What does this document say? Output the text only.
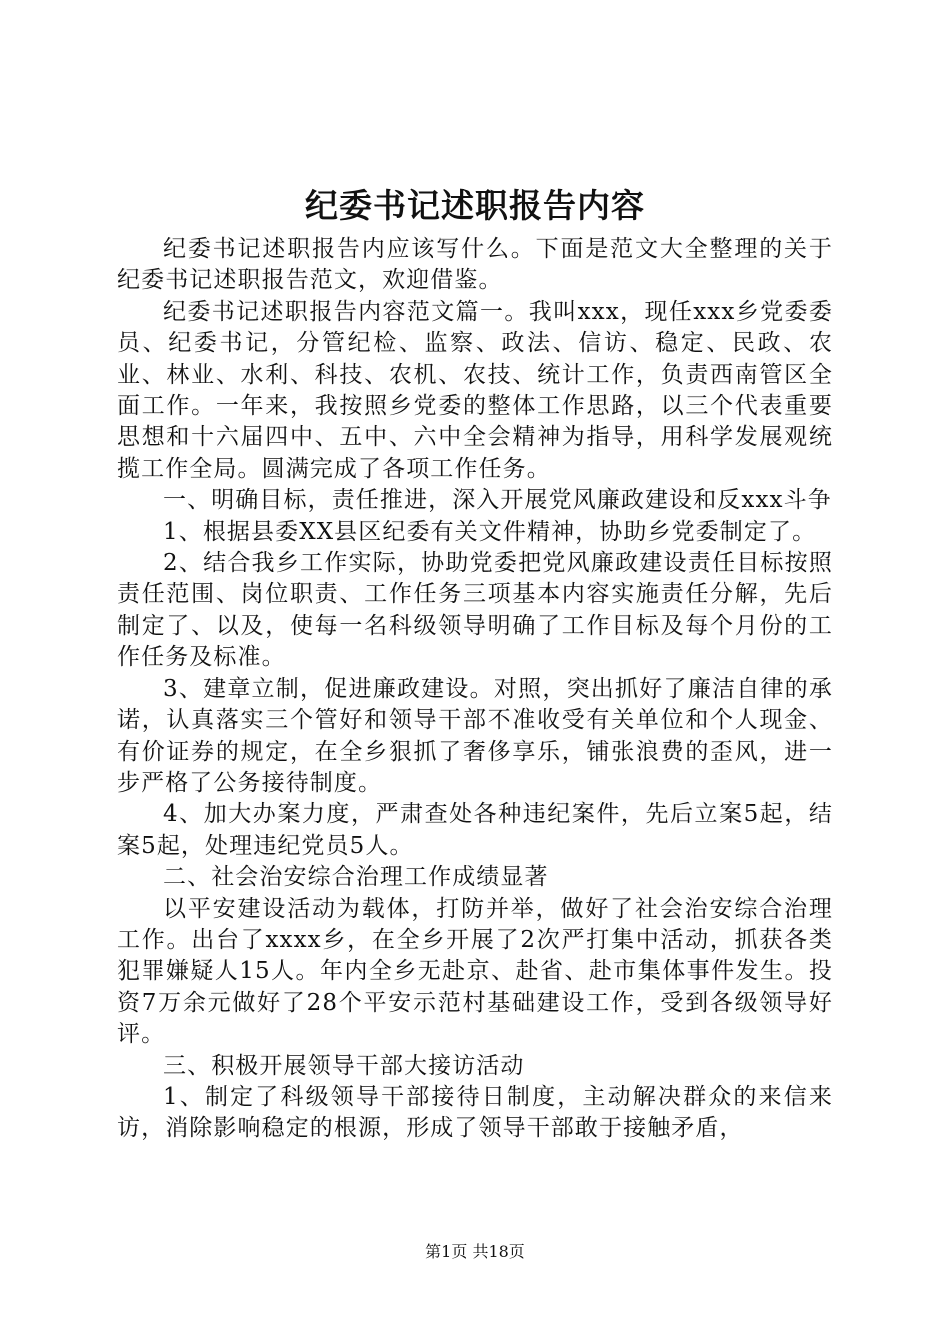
纪委书记述职报告内容

纪委书记述职报告内应该写什么。下面是范文大全整理的关于纪委书记述职报告范文，欢迎借鉴。

纪委书记述职报告内容范文篇一。我叫xxx，现任xxx乡党委委员、纪委书记，分管纪检、监察、政法、信访、稳定、民政、农业、林业、水利、科技、农机、农技、统计工作，负责西南管区全面工作。一年来，我按照乡党委的整体工作思路，以三个代表重要思想和十六届四中、五中、六中全会精神为指导，用科学发展观统揽工作全局。圆满完成了各项工作任务。

一、明确目标，责任推进，深入开展党风廉政建设和反xxx斗争

1、根据县委XX县区纪委有关文件精神，协助乡党委制定了。

2、结合我乡工作实际，协助党委把党风廉政建设责任目标按照责任范围、岗位职责、工作任务三项基本内容实施责任分解，先后制定了、以及，使每一名科级领导明确了工作目标及每个月份的工作任务及标准。

3、建章立制，促进廉政建设。对照，突出抓好了廉洁自律的承诺，认真落实三个管好和领导干部不准收受有关单位和个人现金、有价证券的规定，在全乡狠抓了奢侈享乐，铺张浪费的歪风，进一步严格了公务接待制度。

4、加大办案力度，严肃查处各种违纪案件，先后立案5起，结案5起，处理违纪党员5人。

二、社会治安综合治理工作成绩显著

以平安建设活动为载体，打防并举，做好了社会治安综合治理工作。出台了xxxx乡，在全乡开展了2次严打集中活动，抓获各类犯罪嫌疑人15人。年内全乡无赴京、赴省、赴市集体事件发生。投资7万余元做好了28个平安示范村基础建设工作，受到各级领导好评。

三、积极开展领导干部大接访活动

1、制定了科级领导干部接待日制度，主动解决群众的来信来访，消除影响稳定的根源，形成了领导干部敢于接触矛盾，

第1页 共18页
